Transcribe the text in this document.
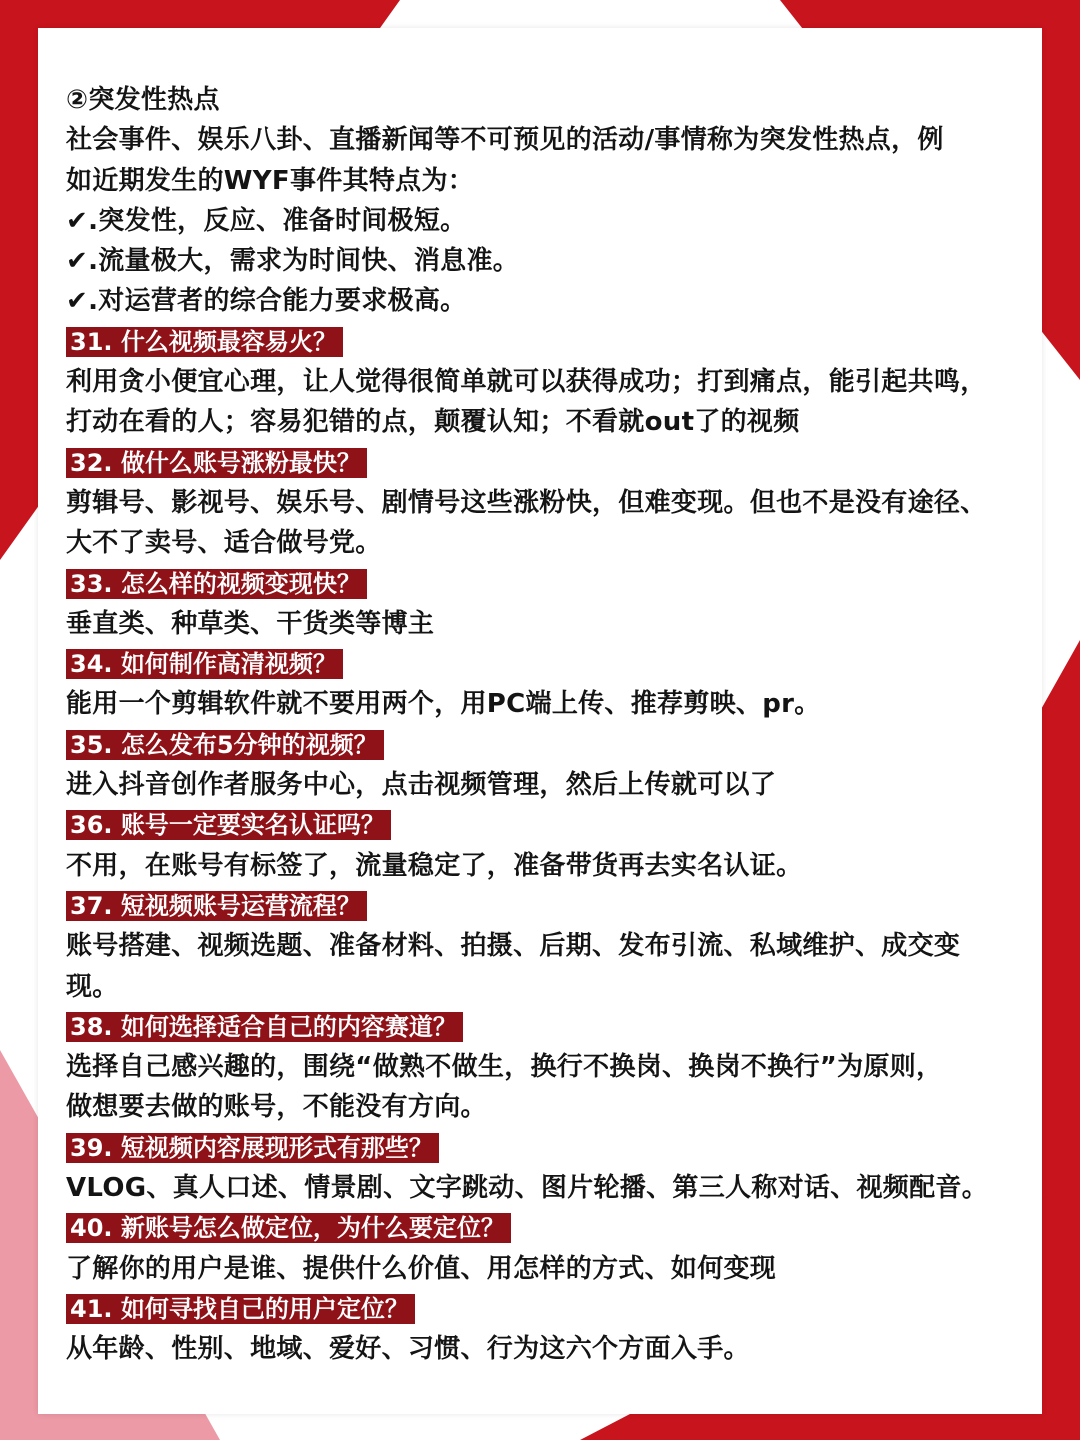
②突发性热点
社会事件、娱乐八卦、直播新闻等不可预见的活动/事情称为突发性热点，例
如近期发生的WYF事件其特点为：
✔.突发性，反应、准备时间极短。
✔.流量极大，需求为时间快、消息准。
✔.对运营者的综合能力要求极高。
31. 什么视频最容易火？
利用贪小便宜心理，让人觉得很简单就可以获得成功；打到痛点，能引起共鸣，
打动在看的人；容易犯错的点，颠覆认知；不看就out了的视频
32. 做什么账号涨粉最快？
剪辑号、影视号、娱乐号、剧情号这些涨粉快，但难变现。但也不是没有途径、
大不了卖号、适合做号党。
33. 怎么样的视频变现快？
垂直类、种草类、干货类等博主
34. 如何制作高清视频？
能用一个剪辑软件就不要用两个，用PC端上传、推荐剪映、pr。
35. 怎么发布5分钟的视频？
进入抖音创作者服务中心，点击视频管理，然后上传就可以了
36. 账号一定要实名认证吗？
不用，在账号有标签了，流量稳定了，准备带货再去实名认证。
37. 短视频账号运营流程？
账号搭建、视频选题、准备材料、拍摄、后期、发布引流、私域维护、成交变
现。
38. 如何选择适合自己的内容赛道？
选择自己感兴趣的，围绕“做熟不做生，换行不换岗、换岗不换行”为原则，
做想要去做的账号，不能没有方向。
39. 短视频内容展现形式有那些？
VLOG、真人口述、情景剧、文字跳动、图片轮播、第三人称对话、视频配音。
40. 新账号怎么做定位，为什么要定位？
了解你的用户是谁、提供什么价值、用怎样的方式、如何变现
41. 如何寻找自己的用户定位？
从年龄、性别、地域、爱好、习惯、行为这六个方面入手。
